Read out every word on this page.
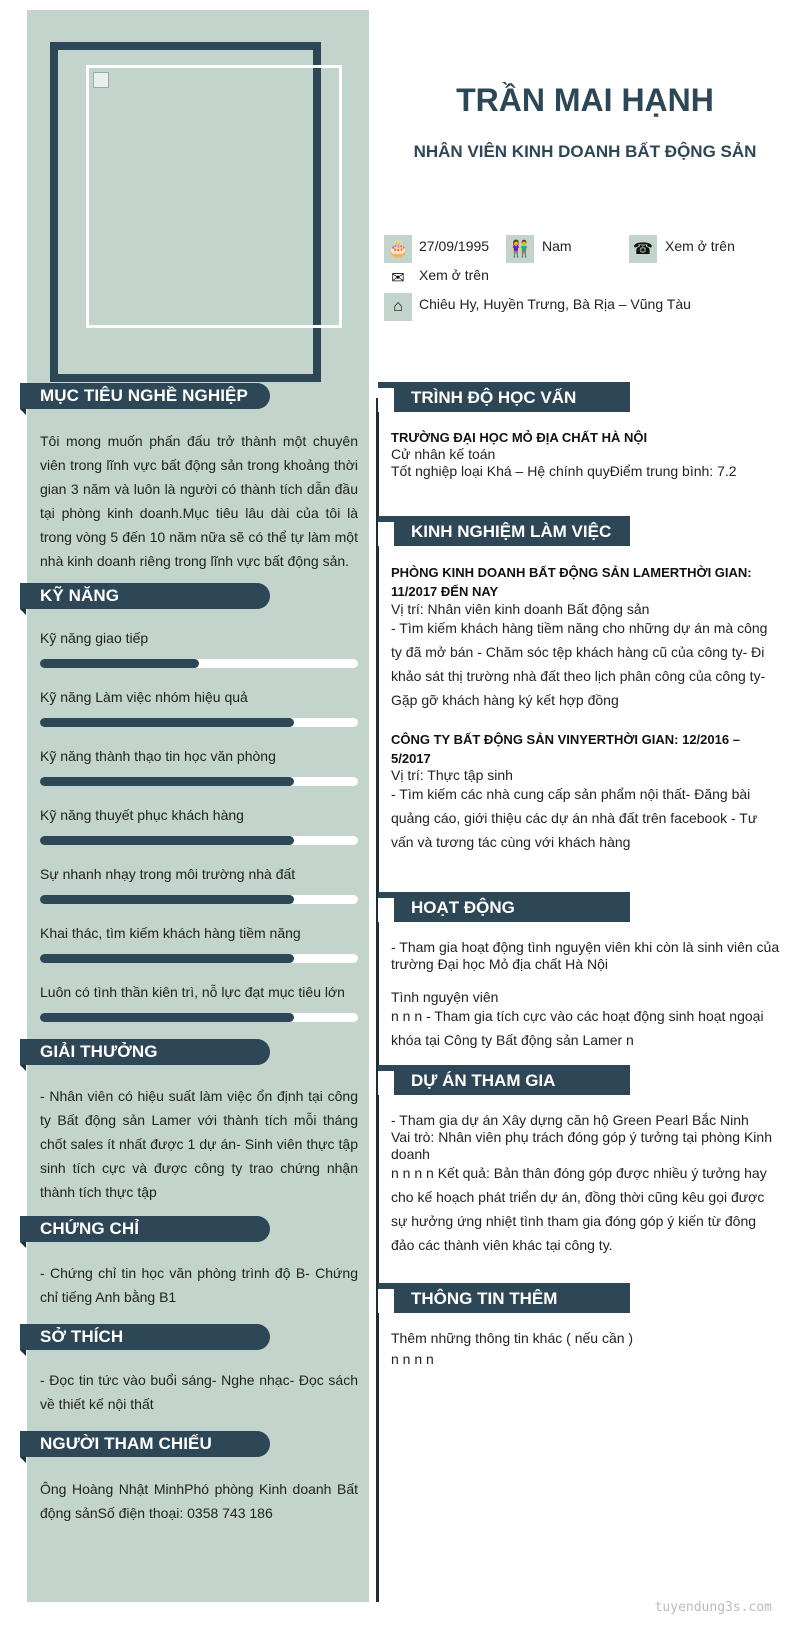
MỤC TIÊU NGHỀ NGHIỆP
Tôi mong muốn phấn đấu trở thành một chuyên viên trong lĩnh vực bất động sản trong khoảng thời gian 3 năm và luôn là người có thành tích dẫn đầu tại phòng kinh doanh.Mục tiêu lâu dài của tôi là trong vòng 5 đến 10 năm nữa sẽ có thể tự làm một nhà kinh doanh riêng trong lĩnh vực bất động sản.
KỸ NĂNG
Kỹ năng giao tiếp
Kỹ năng Làm việc nhóm hiệu quả
Kỹ năng thành thạo tin học văn phòng
Kỹ năng thuyết phục khách hàng
Sự nhanh nhạy trong môi trường nhà đất
Khai thác, tìm kiếm khách hàng tiềm năng
Luôn có tình thần kiên trì, nỗ lực đạt mục tiêu lớn
GIẢI THƯỞNG
- Nhân viên có hiệu suất làm việc ổn định tại công ty Bất động sản Lamer với thành tích mỗi tháng chốt sales ít nhất được 1 dự án- Sinh viên thực tập sinh tích cực và được công ty trao chứng nhận thành tích thực tập
CHỨNG CHỈ
- Chứng chỉ tin học văn phòng trình độ B- Chứng chỉ tiếng Anh bằng B1
SỞ THÍCH
- Đọc tin tức vào buổi sáng- Nghe nhạc- Đọc sách về thiết kế nội thất
NGƯỜI THAM CHIẾU
Ông Hoàng Nhật MinhPhó phòng Kinh doanh Bất động sảnSố điện thoại: 0358 743 186
TRẦN MAI HẠNH
NHÂN VIÊN KINH DOANH BẤT ĐỘNG SẢN
🎂 27/09/1995 👫 Nam	☎ Xem ở trên
✉	Xem ở trên
⌂	Chiêu Hy, Huyền Trưng, Bà Rịa – Vũng Tàu
TRÌNH ĐỘ HỌC VẤN
TRƯỜNG ĐẠI HỌC MỎ ĐỊA CHẤT HÀ NỘI
Cử nhân kế toán
Tốt nghiệp loại Khá – Hệ chính quyĐiểm trung bình: 7.2
KINH NGHIỆM LÀM VIỆC
PHÒNG KINH DOANH BẤT ĐỘNG SẢN LAMERTHỜI GIAN: 11/2017 ĐẾN NAY
Vị trí: Nhân viên kinh doanh Bất động sản
- Tìm kiếm khách hàng tiềm năng cho những dự án mà công ty đã mở bán - Chăm sóc tệp khách hàng cũ của công ty- Đi khảo sát thị trường nhà đất theo lịch phân công của công ty- Gặp gỡ khách hàng ký kết hợp đồng
CÔNG TY BẤT ĐỘNG SẢN VINYERTHỜI GIAN: 12/2016 – 5/2017
Vị trí: Thực tập sinh
- Tìm kiếm các nhà cung cấp sản phẩm nội thất- Đăng bài quảng cáo, giới thiệu các dự án nhà đất trên facebook - Tư vấn và tương tác cùng với khách hàng
HOẠT ĐỘNG
- Tham gia hoạt động tình nguyện viên khi còn là sinh viên của trường Đại học Mỏ địa chất Hà Nội
Tình nguyện viên
n n n - Tham gia tích cực vào các hoạt động sinh hoạt ngoại khóa tại Công ty Bất động sản Lamer n
DỰ ÁN THAM GIA
- Tham gia dự án Xây dựng căn hộ Green Pearl Bắc Ninh
Vai trò: Nhân viên phụ trách đóng góp ý tưởng tại phòng Kinh doanh
n n n n Kết quả: Bản thân đóng góp được nhiều ý tưởng hay cho kế hoạch phát triển dự án, đồng thời cũng kêu gọi được sự hưởng ứng nhiệt tình tham gia đóng góp ý kiến từ đông đảo các thành viên khác tại công ty.
THÔNG TIN THÊM
Thêm những thông tin khác ( nếu cần )
n n n n
tuyendung3s.com
